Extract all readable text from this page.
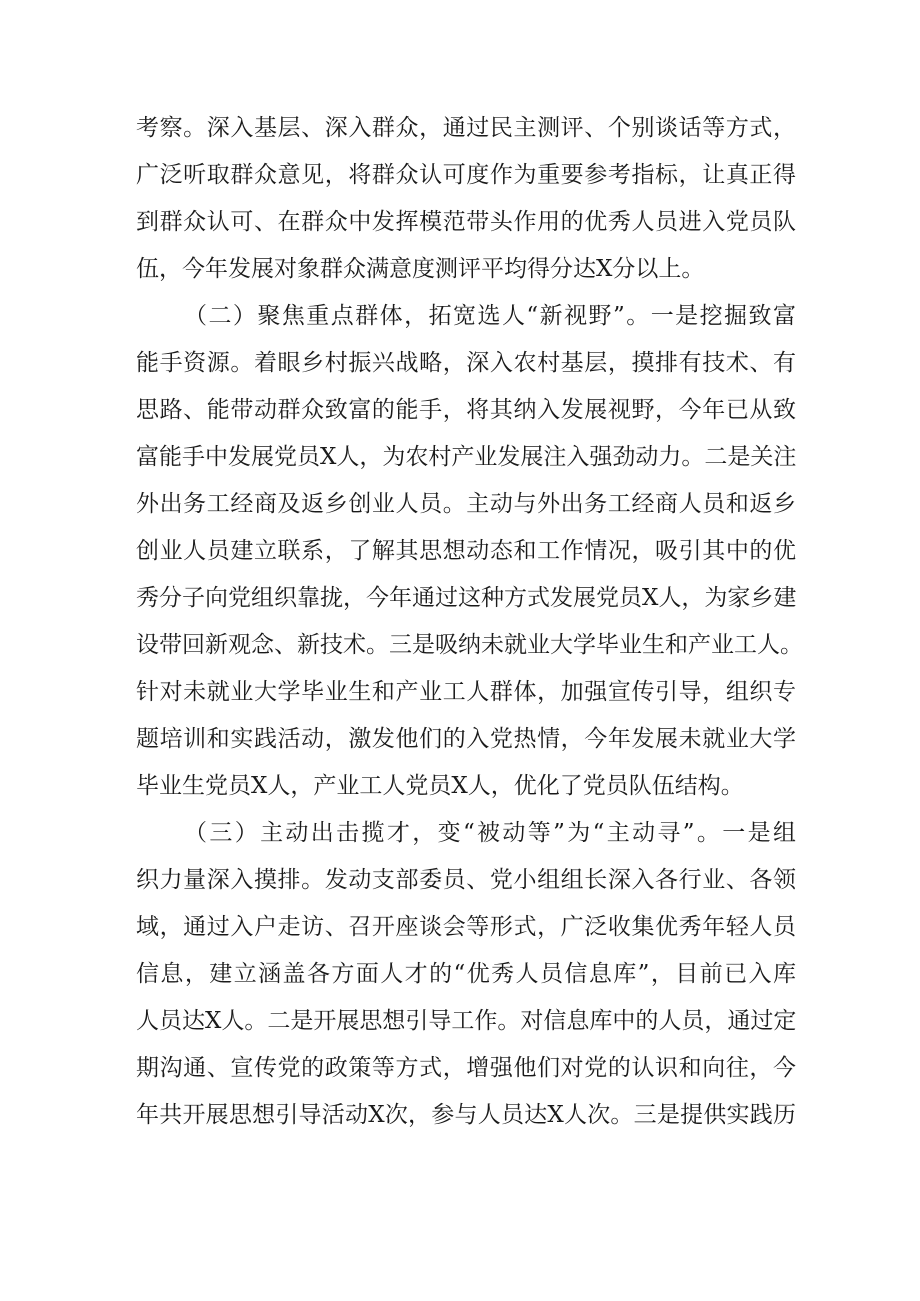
考察。深入基层、深入群众，通过民主测评、个别谈话等方式，
广泛听取群众意见，将群众认可度作为重要参考指标，让真正得
到群众认可、在群众中发挥模范带头作用的优秀人员进入党员队
伍，今年发展对象群众满意度测评平均得分达X分以上。
（二）聚焦重点群体，拓宽选人“新视野”。一是挖掘致富
能手资源。着眼乡村振兴战略，深入农村基层，摸排有技术、有
思路、能带动群众致富的能手，将其纳入发展视野，今年已从致
富能手中发展党员X人，为农村产业发展注入强劲动力。二是关注
外出务工经商及返乡创业人员。主动与外出务工经商人员和返乡
创业人员建立联系，了解其思想动态和工作情况，吸引其中的优
秀分子向党组织靠拢，今年通过这种方式发展党员X人，为家乡建
设带回新观念、新技术。三是吸纳未就业大学毕业生和产业工人。
针对未就业大学毕业生和产业工人群体，加强宣传引导，组织专
题培训和实践活动，激发他们的入党热情，今年发展未就业大学
毕业生党员X人，产业工人党员X人，优化了党员队伍结构。
（三）主动出击揽才，变“被动等”为“主动寻”。一是组
织力量深入摸排。发动支部委员、党小组组长深入各行业、各领
域，通过入户走访、召开座谈会等形式，广泛收集优秀年轻人员
信息，建立涵盖各方面人才的“优秀人员信息库”，目前已入库
人员达X人。二是开展思想引导工作。对信息库中的人员，通过定
期沟通、宣传党的政策等方式，增强他们对党的认识和向往，今
年共开展思想引导活动X次，参与人员达X人次。三是提供实践历
